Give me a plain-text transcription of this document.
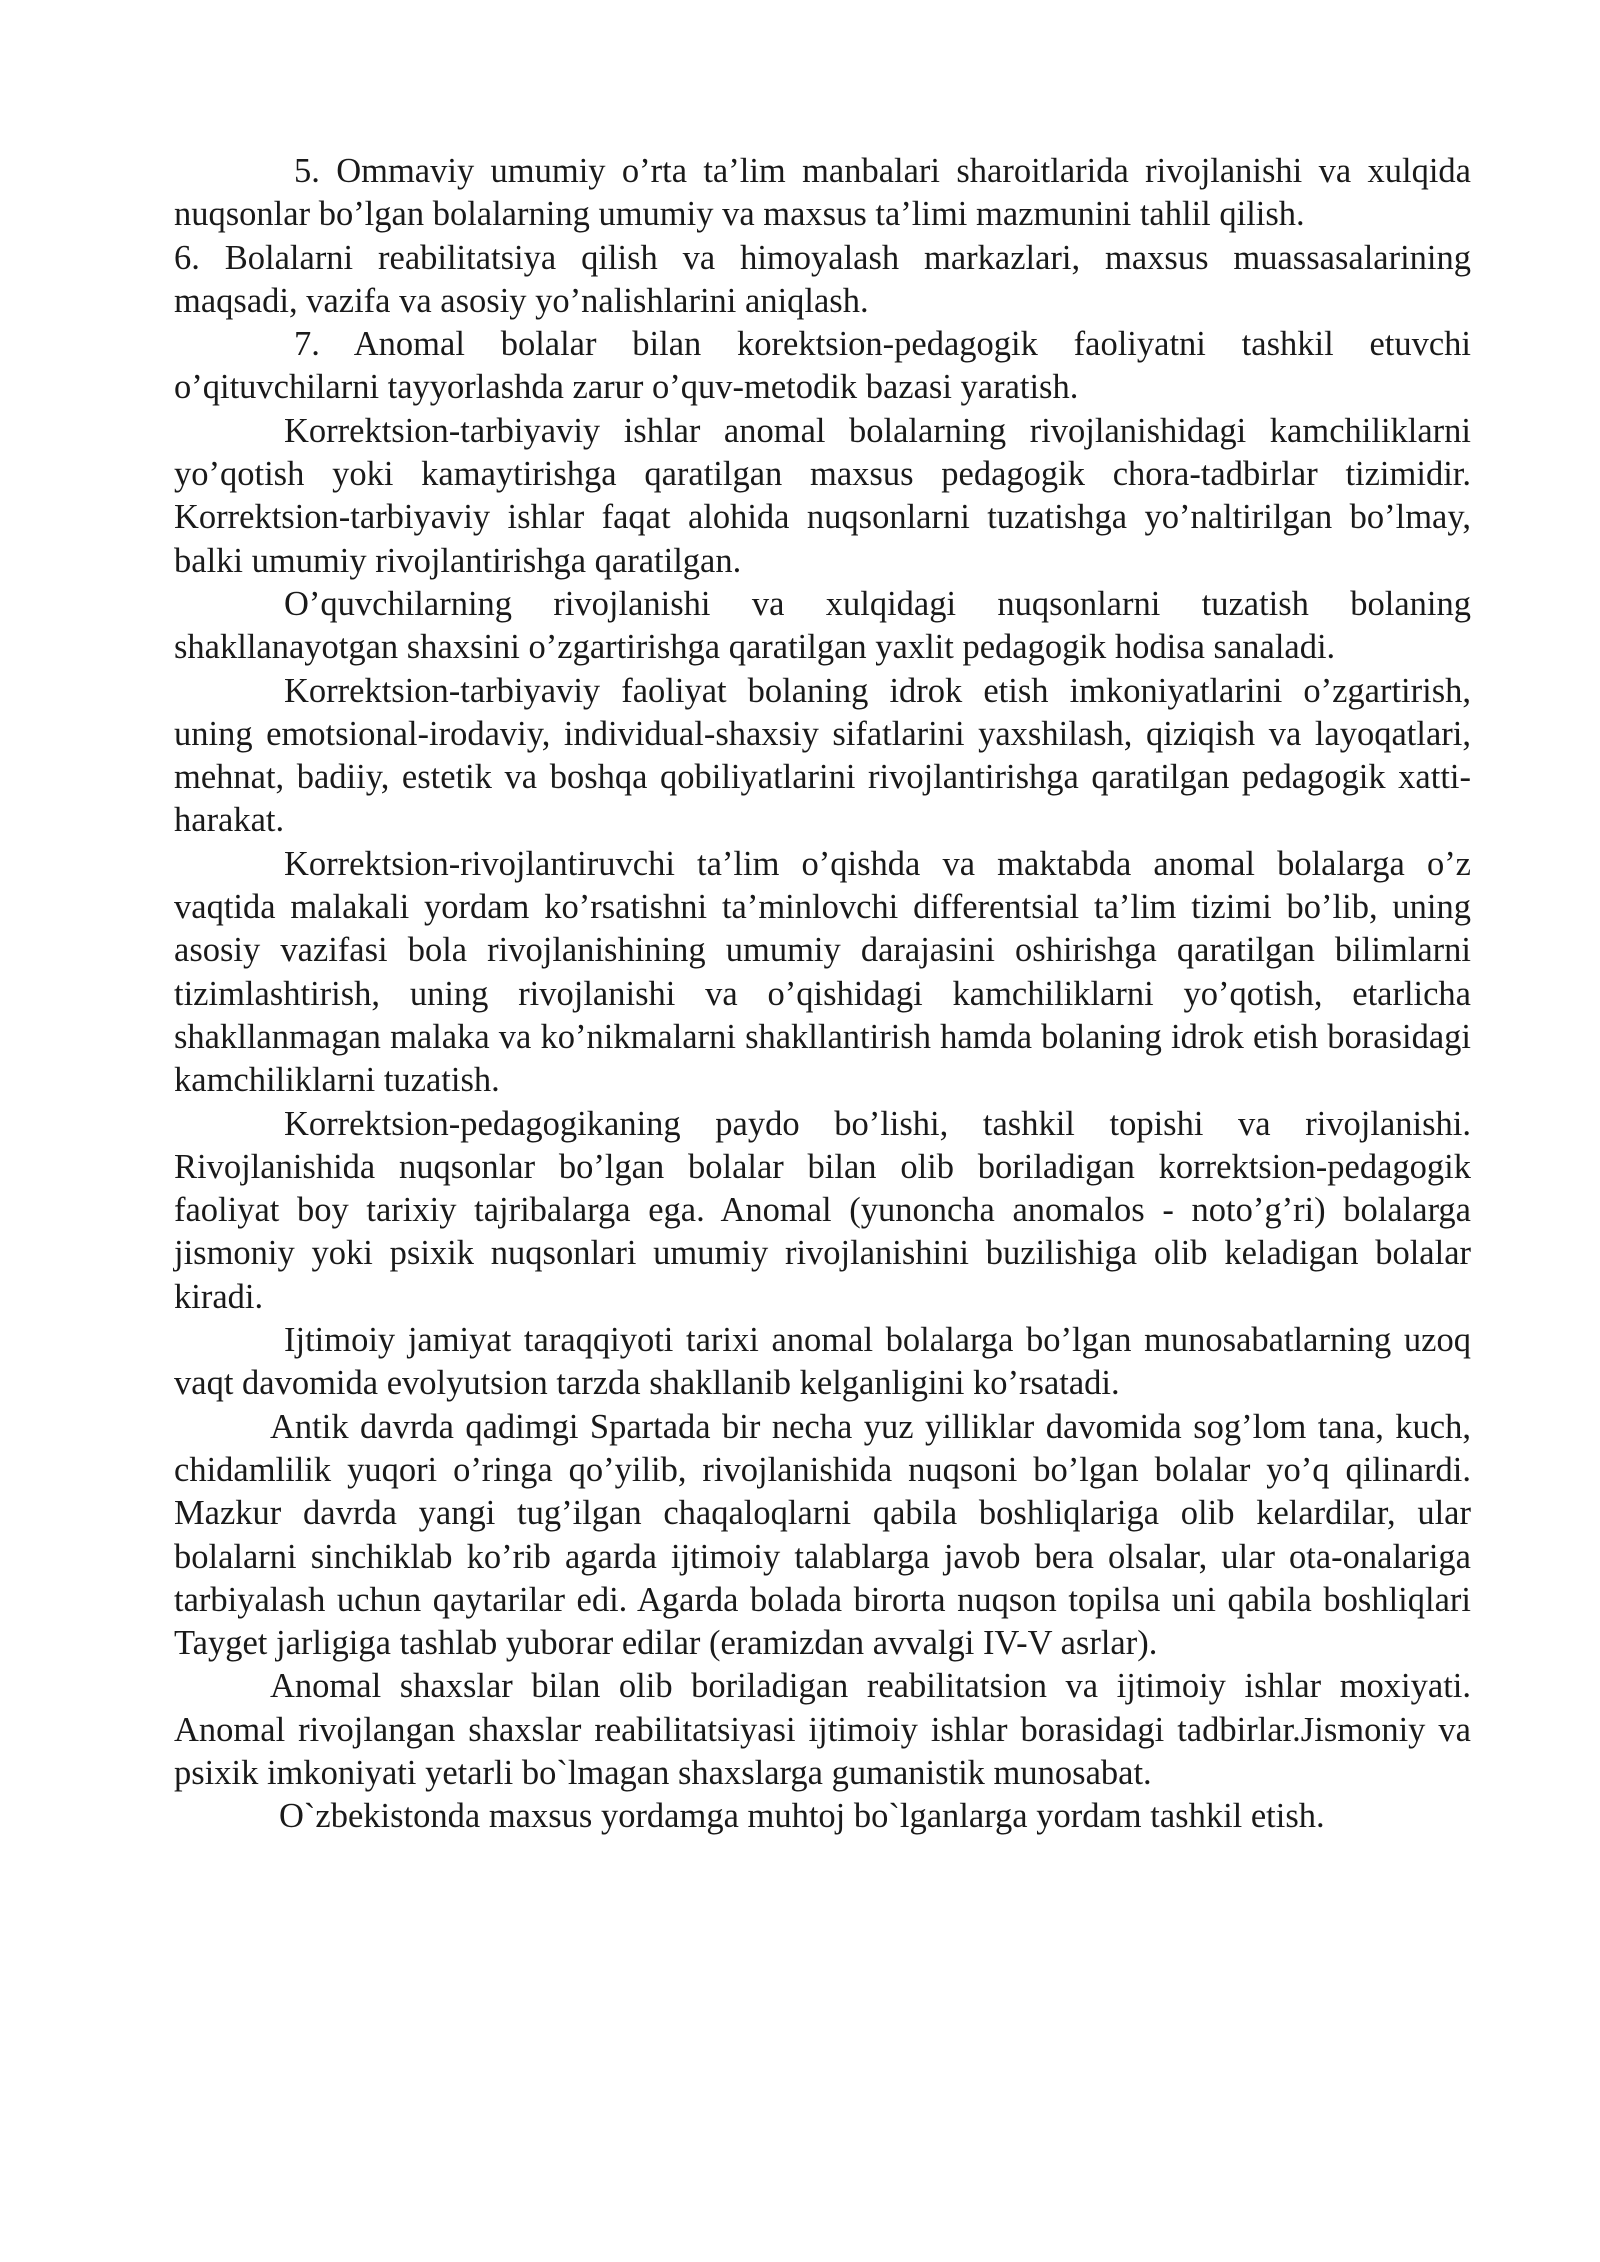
5. Ommaviy umumiy o’rta ta’lim manbalari sharoitlarida rivojlanishi va xulqida nuqsonlar bo’lgan bolalarning umumiy va maxsus ta’limi mazmunini tahlil qilish.

6. Bolalarni reabilitatsiya qilish va himoyalash markazlari, maxsus muassasalarining maqsadi, vazifa va asosiy yo’nalishlarini aniqlash.

7. Anomal bolalar bilan korektsion-pedagogik faoliyatni tashkil etuvchi o’qituvchilarni tayyorlashda zarur o’quv-metodik bazasi yaratish.

Korrektsion-tarbiyaviy ishlar anomal bolalarning rivojlanishidagi kamchiliklarni yo’qotish yoki kamaytirishga qaratilgan maxsus pedagogik chora-tadbirlar tizimidir. Korrektsion-tarbiyaviy ishlar faqat alohida nuqsonlarni tuzatishga yo’naltirilgan bo’lmay, balki umumiy rivojlantirishga qaratilgan.

O’quvchilarning rivojlanishi va xulqidagi nuqsonlarni tuzatish bolaning shakllanayotgan shaxsini o’zgartirishga qaratilgan yaxlit pedagogik hodisa sanaladi.

Korrektsion-tarbiyaviy faoliyat bolaning idrok etish imkoniyatlarini o’zgartirish, uning emotsional-irodaviy, individual-shaxsiy sifatlarini yaxshilash, qiziqish va layoqatlari, mehnat, badiiy, estetik va boshqa qobiliyatlarini rivojlantirishga qaratilgan pedagogik xatti-harakat.

Korrektsion-rivojlantiruvchi ta’lim o’qishda va maktabda anomal bolalarga o’z vaqtida malakali yordam ko’rsatishni ta’minlovchi differentsial ta’lim tizimi bo’lib, uning asosiy vazifasi bola rivojlanishining umumiy darajasini oshirishga qaratilgan bilimlarni tizimlashtirish, uning rivojlanishi va o’qishidagi kamchiliklarni yo’qotish, etarlicha shakllanmagan malaka va ko’nikmalarni shakllantirish hamda bolaning idrok etish borasidagi kamchiliklarni tuzatish.

Korrektsion-pedagogikaning paydo bo’lishi, tashkil topishi va rivojlanishi. Rivojlanishida nuqsonlar bo’lgan bolalar bilan olib boriladigan korrektsion-pedagogik faoliyat boy tarixiy tajribalarga ega. Anomal (yunoncha anomalos - noto’g’ri) bolalarga jismoniy yoki psixik nuqsonlari umumiy rivojlanishini buzilishiga olib keladigan bolalar kiradi.

Ijtimoiy jamiyat taraqqiyoti tarixi anomal bolalarga bo’lgan munosabatlarning uzoq vaqt davomida evolyutsion tarzda shakllanib kelganligini ko’rsatadi.

Antik davrda qadimgi Spartada bir necha yuz yilliklar davomida sog’lom tana, kuch, chidamlilik yuqori o’ringa qo’yilib, rivojlanishida nuqsoni bo’lgan bolalar yo’q qilinardi. Mazkur davrda yangi tug’ilgan chaqaloqlarni qabila boshliqlariga olib kelardilar, ular bolalarni sinchiklab ko’rib agarda ijtimoiy talablarga javob bera olsalar, ular ota-onalariga tarbiyalash uchun qaytarilar edi. Agarda bolada birorta nuqson topilsa uni qabila boshliqlari Tayget jarligiga tashlab yuborar edilar (eramizdan avvalgi IV-V asrlar).

Anomal shaxslar bilan olib boriladigan reabilitatsion va ijtimoiy ishlar moxiyati. Anomal rivojlangan shaxslar reabilitatsiyasi ijtimoiy ishlar borasidagi tadbirlar.Jismoniy va psixik imkoniyati yetarli bo`lmagan shaxslarga gumanistik munosabat.

O`zbekistonda maxsus yordamga muhtoj bo`lganlarga yordam tashkil etish.
